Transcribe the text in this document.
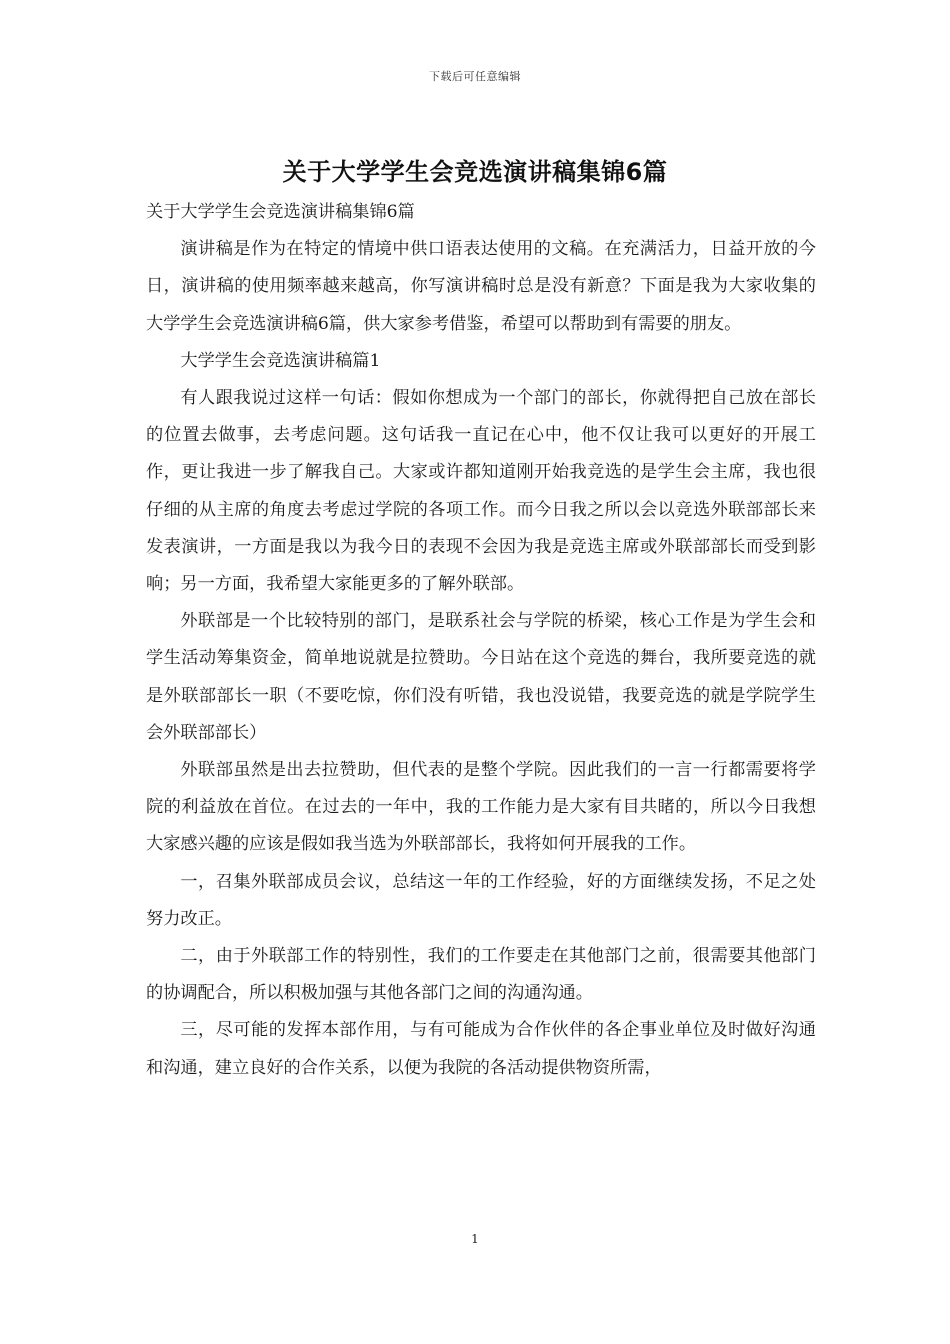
下载后可任意编辑
关于大学学生会竞选演讲稿集锦6篇

关于大学学生会竞选演讲稿集锦6篇

演讲稿是作为在特定的情境中供口语表达使用的文稿。在充满活力，日益开放的今日，演讲稿的使用频率越来越高，你写演讲稿时总是没有新意？下面是我为大家收集的大学学生会竞选演讲稿6篇，供大家参考借鉴，希望可以帮助到有需要的朋友。

大学学生会竞选演讲稿篇1

有人跟我说过这样一句话：假如你想成为一个部门的部长，你就得把自己放在部长的位置去做事，去考虑问题。这句话我一直记在心中，他不仅让我可以更好的开展工作，更让我进一步了解我自己。大家或许都知道刚开始我竞选的是学生会主席，我也很仔细的从主席的角度去考虑过学院的各项工作。而今日我之所以会以竞选外联部部长来发表演讲，一方面是我以为我今日的表现不会因为我是竞选主席或外联部部长而受到影响；另一方面，我希望大家能更多的了解外联部。

外联部是一个比较特别的部门，是联系社会与学院的桥梁，核心工作是为学生会和学生活动筹集资金，简单地说就是拉赞助。今日站在这个竞选的舞台，我所要竞选的就是外联部部长一职（不要吃惊，你们没有听错，我也没说错，我要竞选的就是学院学生会外联部部长）

外联部虽然是出去拉赞助，但代表的是整个学院。因此我们的一言一行都需要将学院的利益放在首位。在过去的一年中，我的工作能力是大家有目共睹的，所以今日我想大家感兴趣的应该是假如我当选为外联部部长，我将如何开展我的工作。

一，召集外联部成员会议，总结这一年的工作经验，好的方面继续发扬，不足之处努力改正。

二，由于外联部工作的特别性，我们的工作要走在其他部门之前，很需要其他部门的协调配合，所以积极加强与其他各部门之间的沟通沟通。

三，尽可能的发挥本部作用，与有可能成为合作伙伴的各企事业单位及时做好沟通和沟通，建立良好的合作关系，以便为我院的各活动提供物资所需，

1
